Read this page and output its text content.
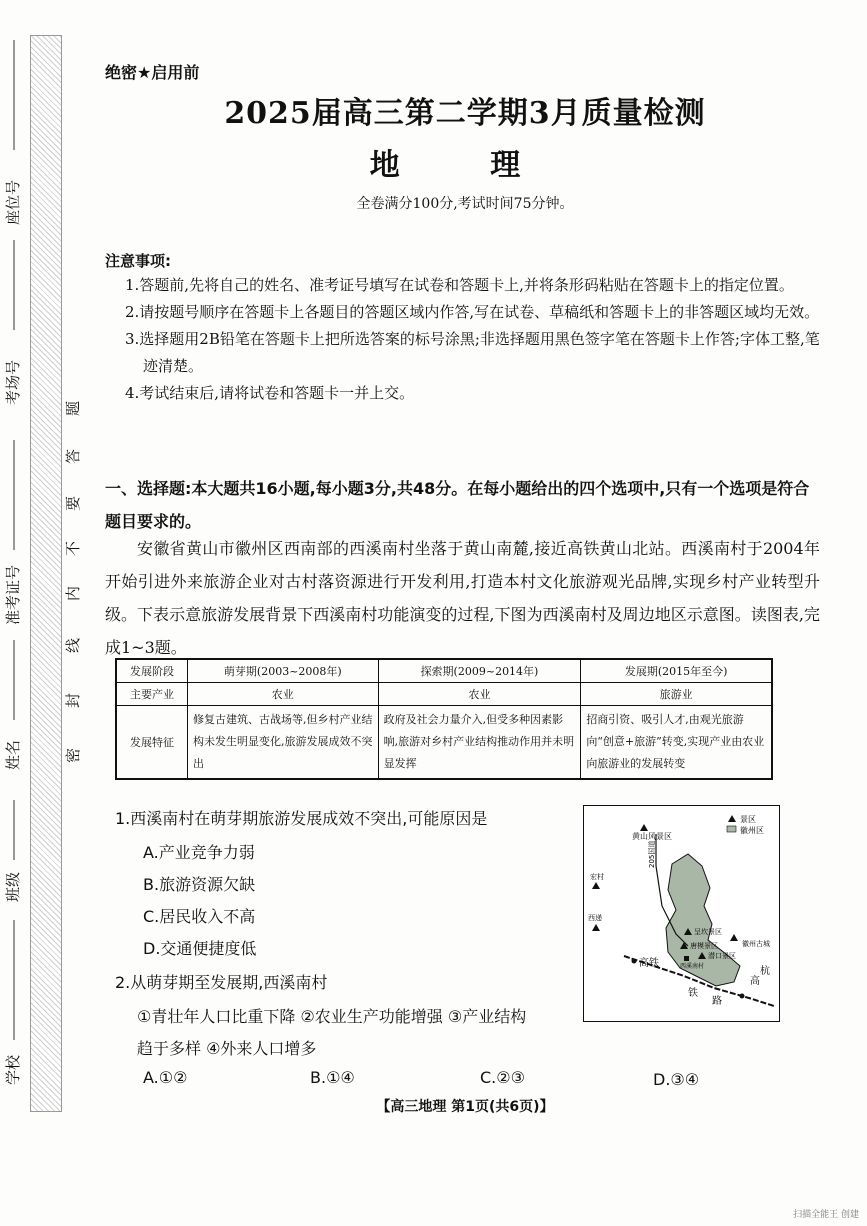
座位号
考场号
准考证号
姓名
班级
学校
密
封
线
内
不
要
答
题
绝密★启用前
2025届高三第二学期3月质量检测
地 理
全卷满分100分,考试时间75分钟。
注意事项:

1.答题前,先将自己的姓名、准考证号填写在试卷和答题卡上,并将条形码粘贴在答题卡上的指定位置。

2.请按题号顺序在答题卡上各题目的答题区域内作答,写在试卷、草稿纸和答题卡上的非答题区域均无效。

3.选择题用2B铅笔在答题卡上把所选答案的标号涂黑;非选择题用黑色签字笔在答题卡上作答;字体工整,笔迹清楚。

4.考试结束后,请将试卷和答题卡一并上交。

一、选择题:本大题共16小题,每小题3分,共48分。在每小题给出的四个选项中,只有一个选项是符合题目要求的。
安徽省黄山市徽州区西南部的西溪南村坐落于黄山南麓,接近高铁黄山北站。西溪南村于2004年开始引进外来旅游企业对古村落资源进行开发利用,打造本村文化旅游观光品牌,实现乡村产业转型升级。下表示意旅游发展背景下西溪南村功能演变的过程,下图为西溪南村及周边地区示意图。读图表,完成1~3题。
发展阶段	萌芽期(2003~2008年)	探索期(2009~2014年)	发展期(2015年至今)
主要产业	农业	农业	旅游业
发展特征	修复古建筑、古战场等,但乡村产业结构未发生明显变化,旅游发展成效不突出	政府及社会力量介入,但受多种因素影响,旅游对乡村产业结构推动作用并未明显发挥	招商引资、吸引人才,由观光旅游向“创意+旅游”转变,实现产业由农业向旅游业的发展转变
1.西溪南村在萌芽期旅游发展成效不突出,可能原因是
A.产业竞争力弱
B.旅游资源欠缺
C.居民收入不高
D.交通便捷度低
2.从萌芽期至发展期,西溪南村
①青壮年人口比重下降 ②农业生产功能增强 ③产业结构
趋于多样 ④外来人口增多
A.①②	B.①④	C.②③	D.③④
【高三地理 第1页(共6页)】
景区
徽州区
205国道
黄山风景区
宏村
西递
呈坎景区
唐模景区
潜口景区
徽州古城
西溪南村
高铁
杭
高
铁
路
扫描全能王 创建
